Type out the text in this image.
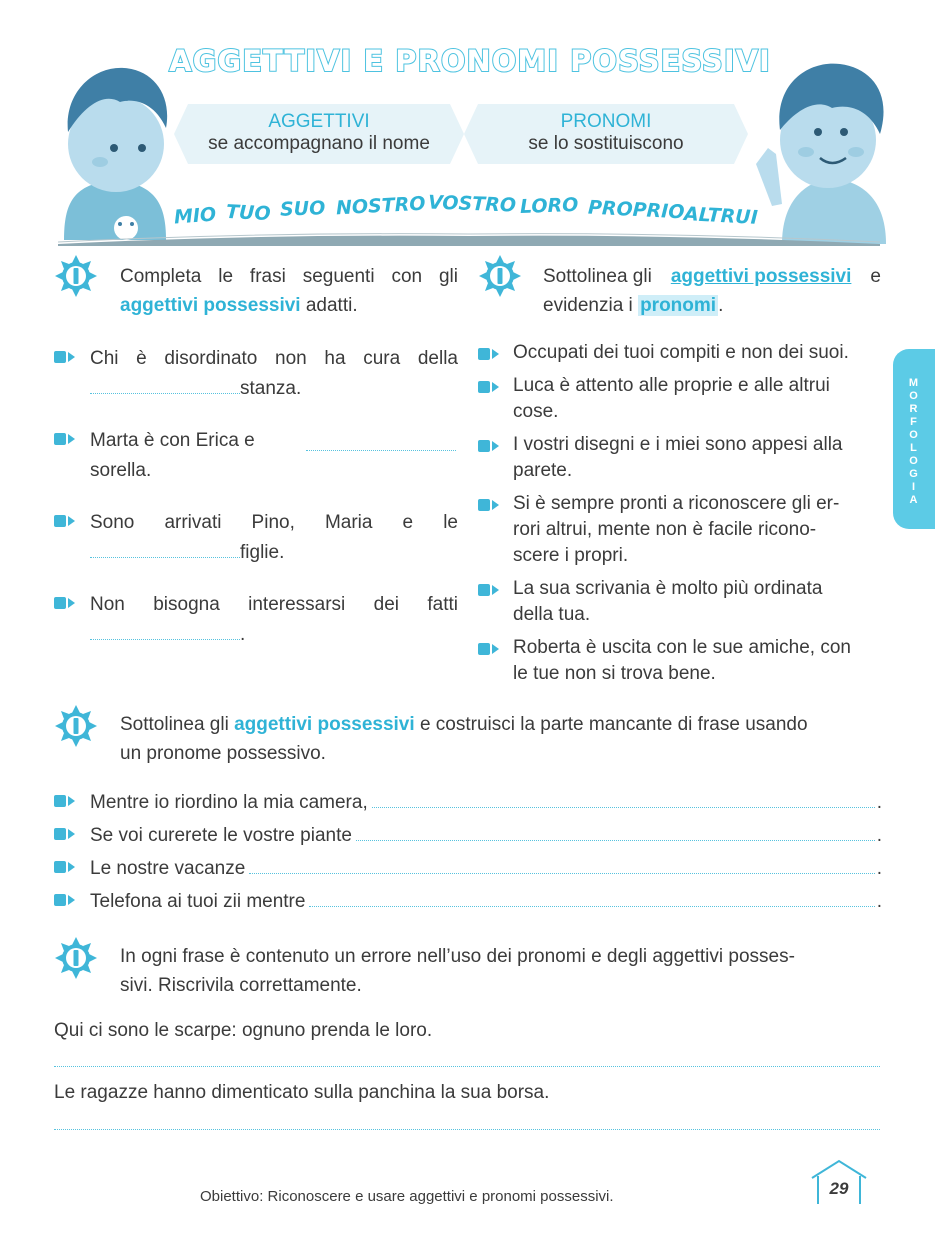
AGGETTIVI E PRONOMI POSSESSIVI
AGGETTIVI
se accompagnano il nome
PRONOMI
se lo sostituiscono
MIO TUO SUO NOSTRO VOSTRO LORO PROPRIO
ALTRUI
M
O
R
F
O
L
O
G
I
A
Completa le frasi seguenti con gli aggettivi possessivi adatti.
Chi è disordinato non ha cura della
stanza.
Marta è con Erica e
sorella.
Sono arrivati Pino, Maria e le
figlie.
Non bisogna interessarsi dei fatti
.
Sottolinea gli aggettivi possessivi e
evidenzia i pronomi .
Occupati dei tuoi compiti e non dei suoi.
Luca è attento alle proprie e alle altrui
cose.
I vostri disegni e i miei sono appesi alla
parete.
Si è sempre pronti a riconoscere gli er-
rori altrui, mente non è facile ricono-
scere i propri.
La sua scrivania è molto più ordinata
della tua.
Roberta è uscita con le sue amiche, con
le tue non si trova bene.
Sottolinea gli aggettivi possessivi e costruisci la parte mancante di frase usando
un pronome possessivo.
Mentre io riordino la mia camera,	.
Se voi curerete le vostre piante	.
Le nostre vacanze	.
Telefona ai tuoi zii mentre	.
In ogni frase è contenuto un errore nell’uso dei pronomi e degli aggettivi posses-
sivi. Riscrivila correttamente.
Qui ci sono le scarpe: ognuno prenda le loro.
Le ragazze hanno dimenticato sulla panchina la sua borsa.
Obiettivo: Riconoscere e usare aggettivi e pronomi possessivi.	29
